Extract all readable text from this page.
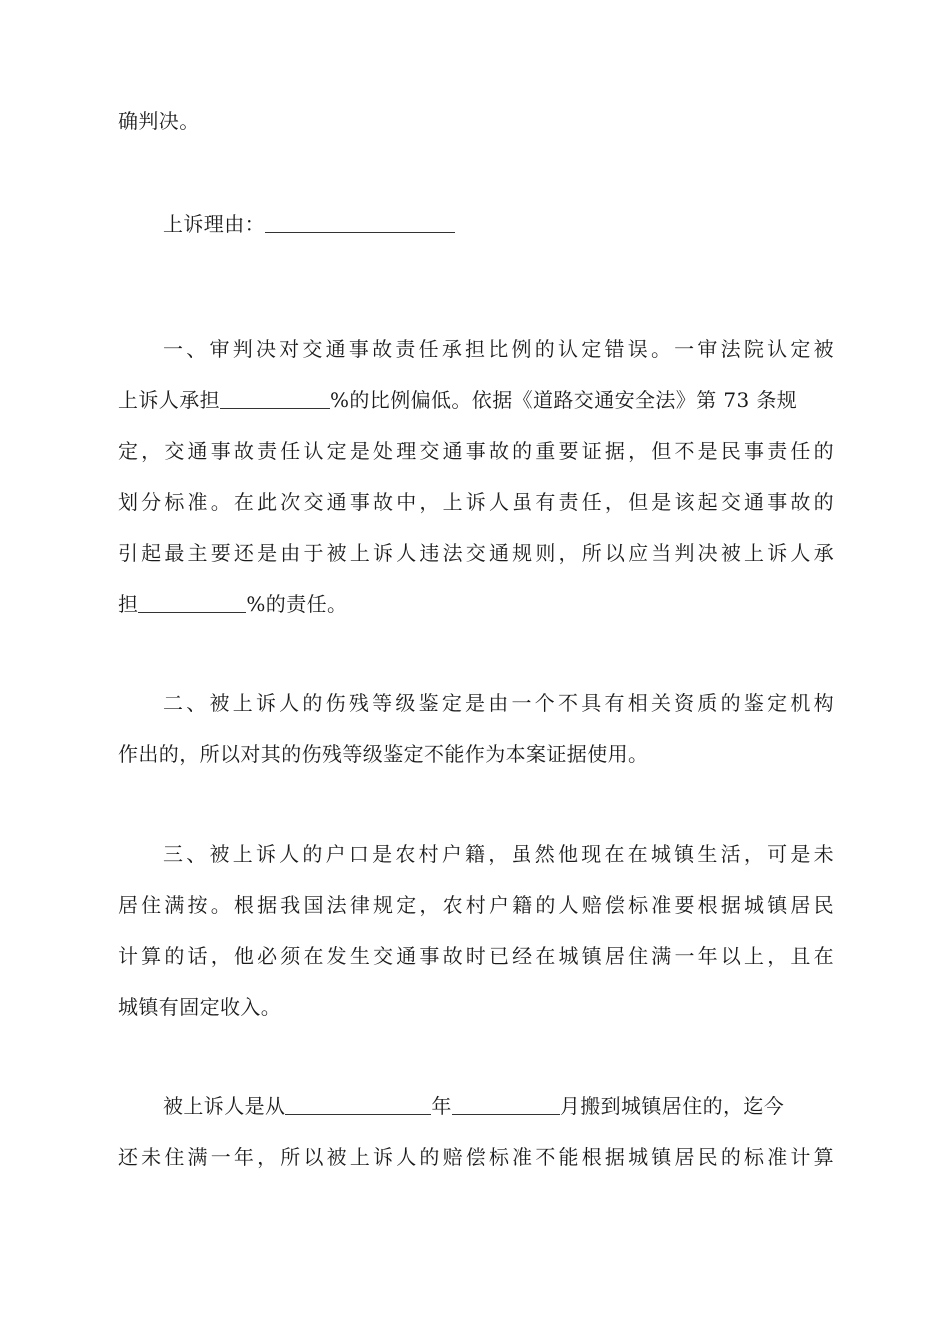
确判决。
上诉理由：
一、审判决对交通事故责任承担比例的认定错误。一审法院认定被
上诉人承担	%的比例偏低。依据《道路交通安全法》第 73 条规
定，交通事故责任认定是处理交通事故的重要证据，但不是民事责任的
划分标准。在此次交通事故中，上诉人虽有责任，但是该起交通事故的
引起最主要还是由于被上诉人违法交通规则，所以应当判决被上诉人承
担	%的责任。
二、被上诉人的伤残等级鉴定是由一个不具有相关资质的鉴定机构
作出的，所以对其的伤残等级鉴定不能作为本案证据使用。
三、被上诉人的户口是农村户籍，虽然他现在在城镇生活，可是未
居住满按。根据我国法律规定，农村户籍的人赔偿标准要根据城镇居民
计算的话，他必须在发生交通事故时已经在城镇居住满一年以上，且在
城镇有固定收入。
被上诉人是从	年	月搬到城镇居住的，迄今
还未住满一年，所以被上诉人的赔偿标准不能根据城镇居民的标准计算
